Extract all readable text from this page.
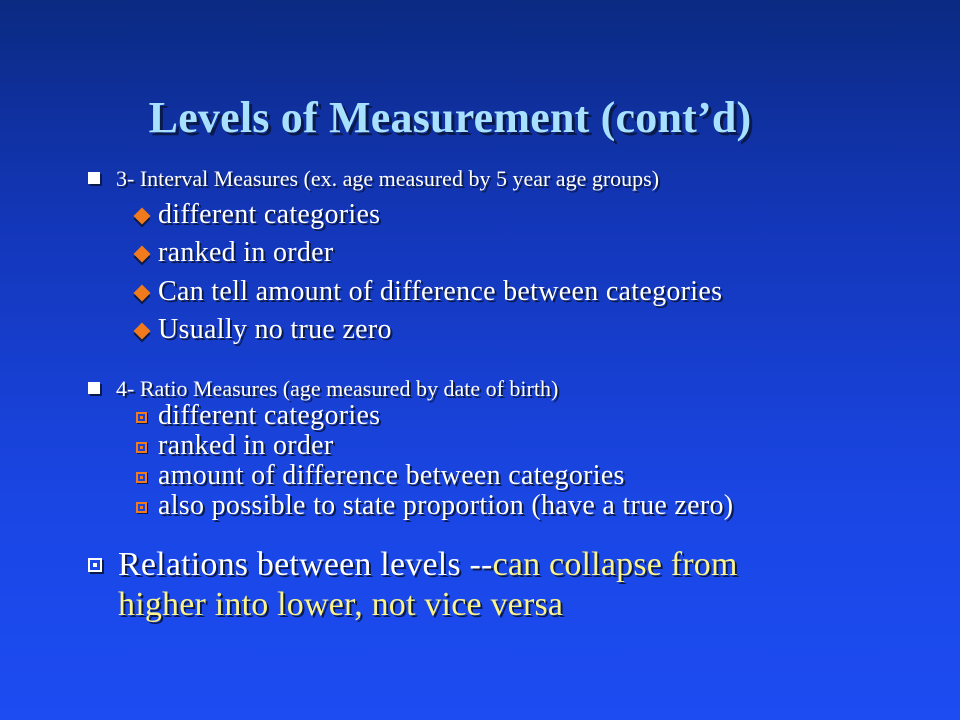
Levels of Measurement (cont’d)
3- Interval Measures (ex. age measured by 5 year age groups)
different categories
ranked in order
Can tell amount of difference between categories
Usually no true zero
4- Ratio Measures (age measured by date of birth)
different categories
ranked in order
amount of difference between categories
also possible to state proportion (have a true zero)
Relations between levels --can collapse from
higher into lower, not vice versa
